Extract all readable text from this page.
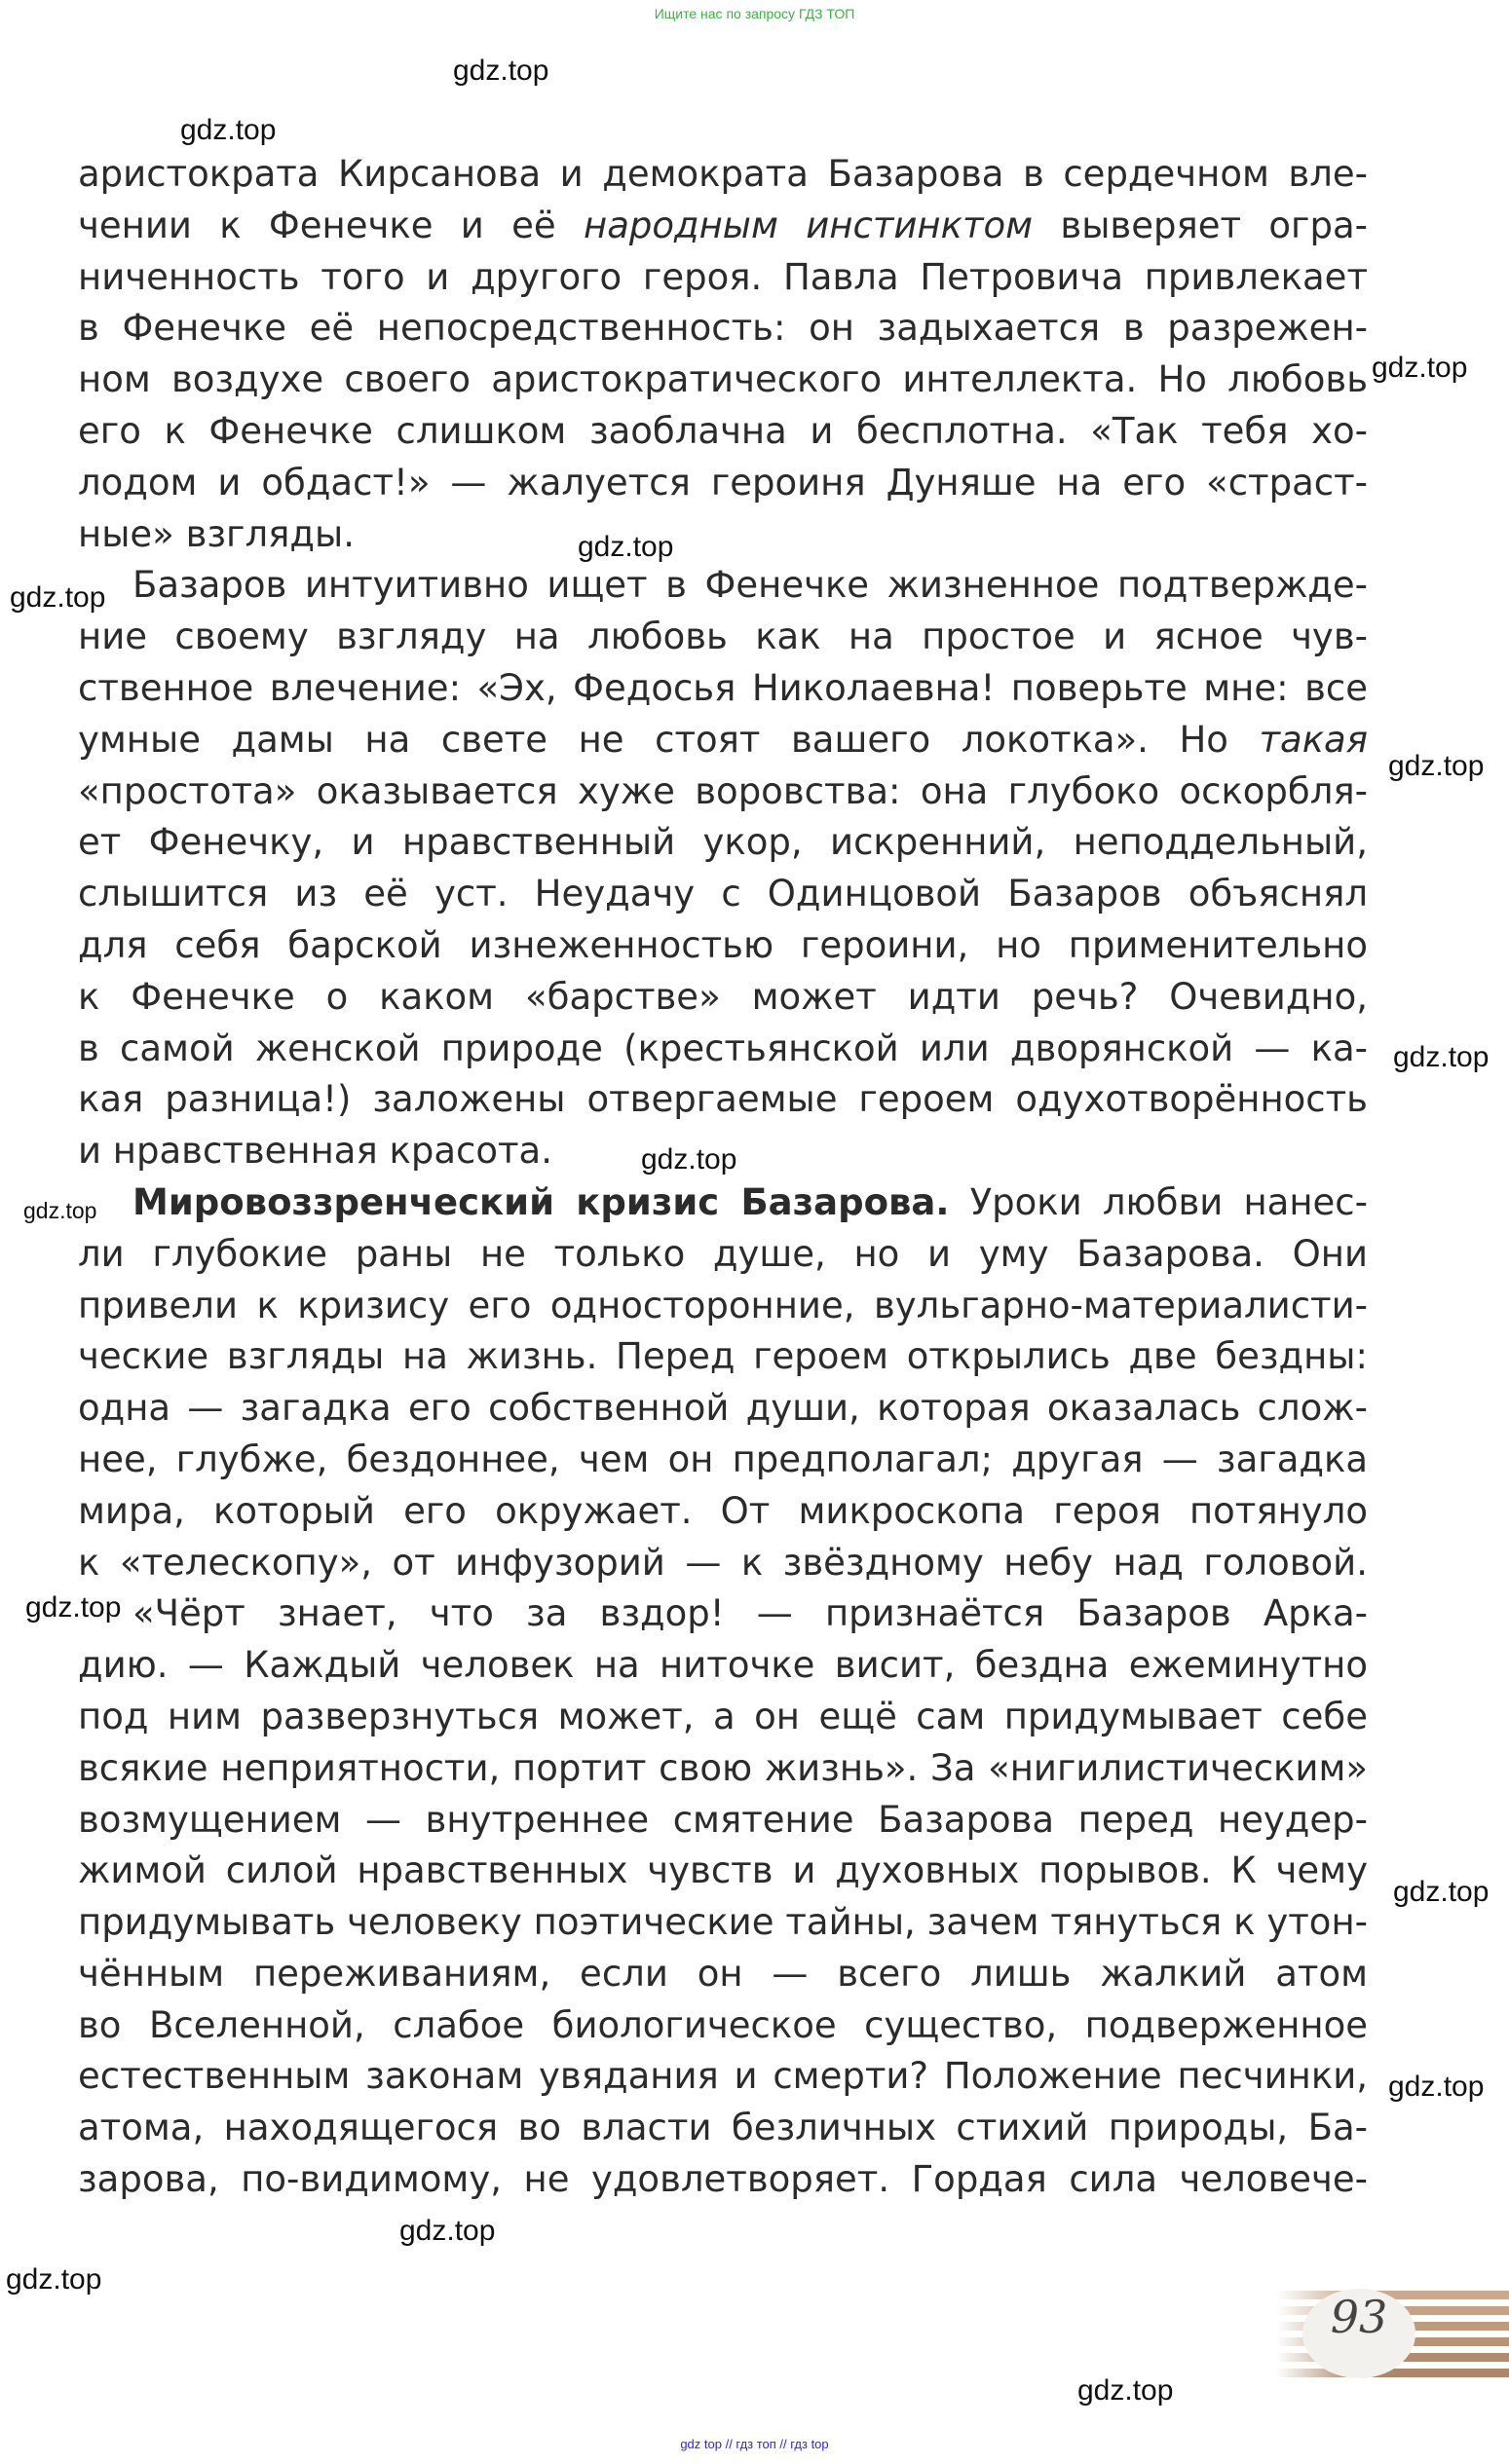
Ищите нас по запросу ГДЗ ТОП
аристократа Кирсанова и демократа Базарова в сердечном вле-
чении к Фенечке и её народным инстинктом выверяет огра-
ниченность того и другого героя. Павла Петровича привлекает
в Фенечке её непосредственность: он задыхается в разрежен-
ном воздухе своего аристократического интеллекта. Но любовь
его к Фенечке слишком заоблачна и бесплотна. «Так тебя хо-
лодом и обдаст!» — жалуется героиня Дуняше на его «страст-
ные» взгляды.
Базаров интуитивно ищет в Фенечке жизненное подтвержде-
ние своему взгляду на любовь как на простое и ясное чув-
ственное влечение: «Эх, Федосья Николаевна! поверьте мне: все
умные дамы на свете не стоят вашего локотка». Но такая
«простота» оказывается хуже воровства: она глубоко оскорбля-
ет Фенечку, и нравственный укор, искренний, неподдельный,
слышится из её уст. Неудачу с Одинцовой Базаров объяснял
для себя барской изнеженностью героини, но применительно
к Фенечке о каком «барстве» может идти речь? Очевидно,
в самой женской природе (крестьянской или дворянской — ка-
кая разница!) заложены отвергаемые героем одухотворённость
и нравственная красота.
Мировоззренческий кризис Базарова. Уроки любви нанес-
ли глубокие раны не только душе, но и уму Базарова. Они
привели к кризису его односторонние, вульгарно-материалисти-
ческие взгляды на жизнь. Перед героем открылись две бездны:
одна — загадка его собственной души, которая оказалась слож-
нее, глубже, бездоннее, чем он предполагал; другая — загадка
мира, который его окружает. От микроскопа героя потянуло
к «телескопу», от инфузорий — к звёздному небу над головой.
«Чёрт знает, что за вздор! — признаётся Базаров Арка-
дию. — Каждый человек на ниточке висит, бездна ежеминутно
под ним разверзнуться может, а он ещё сам придумывает себе
всякие неприятности, портит свою жизнь». За «нигилистическим»
возмущением — внутреннее смятение Базарова перед неудер-
жимой силой нравственных чувств и духовных порывов. К чему
придумывать человеку поэтические тайны, зачем тянуться к утон-
чённым переживаниям, если он — всего лишь жалкий атом
во Вселенной, слабое биологическое существо, подверженное
естественным законам увядания и смерти? Положение песчинки,
атома, находящегося во власти безличных стихий природы, Ба-
зарова, по-видимому, не удовлетворяет. Гордая сила человече-
gdz.top
gdz.top
gdz.top
gdz.top
gdz.top
gdz.top
gdz.top
gdz.top
gdz.top
gdz.top
gdz.top
gdz.top
gdz.top
gdz.top
gdz.top
93
gdz top // гдз топ // гдз top
